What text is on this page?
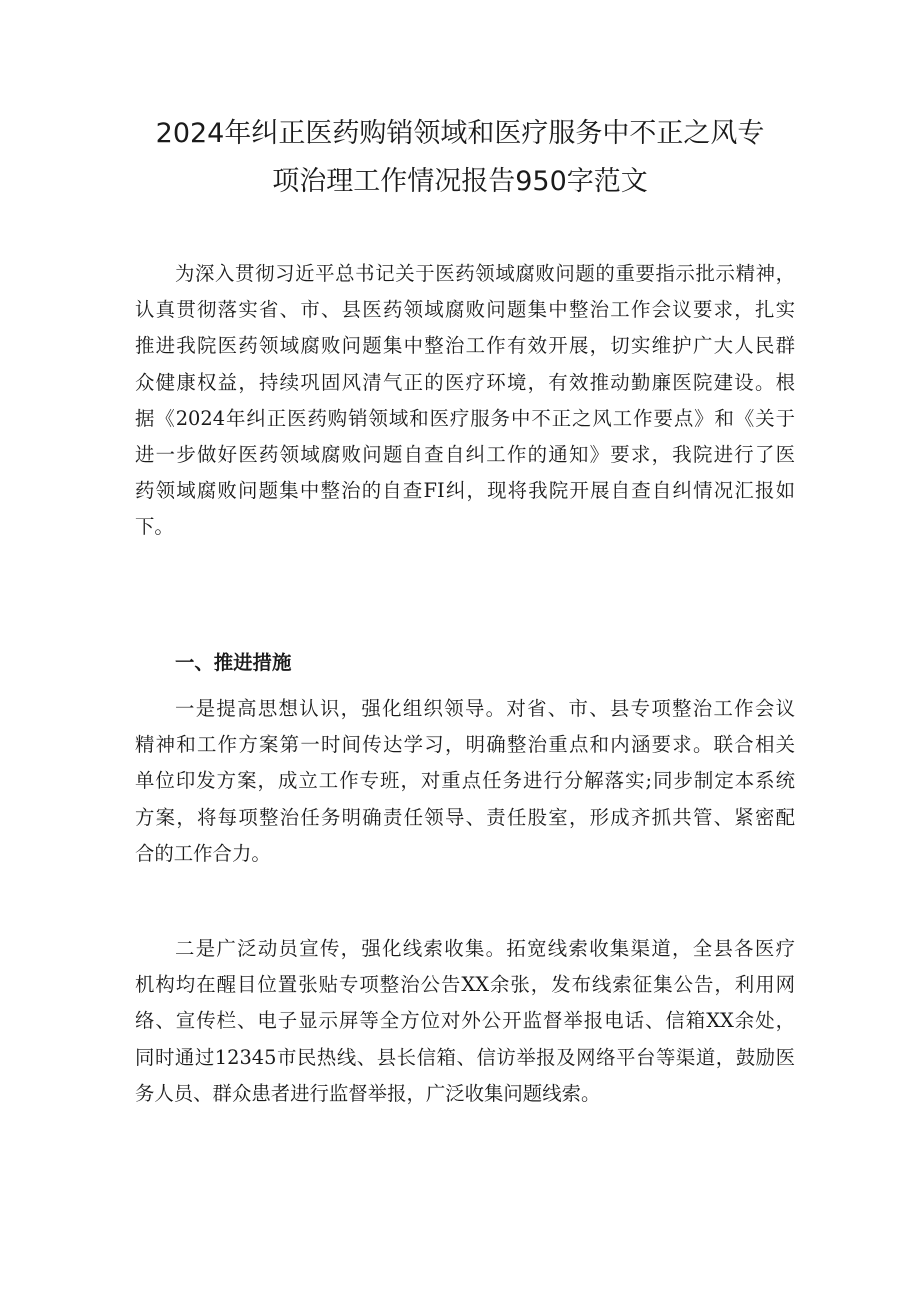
2024年纠正医药购销领域和医疗服务中不正之风专
项治理工作情况报告950字范文
为深入贯彻习近平总书记关于医药领域腐败问题的重要指示批示精神，
认真贯彻落实省、市、县医药领域腐败问题集中整治工作会议要求，扎实
推进我院医药领域腐败问题集中整治工作有效开展，切实维护广大人民群
众健康权益，持续巩固风清气正的医疗环境，有效推动勤廉医院建设。根
据《2024年纠正医药购销领域和医疗服务中不正之风工作要点》和《关于
进一步做好医药领域腐败问题自查自纠工作的通知》要求，我院进行了医
药领域腐败问题集中整治的自查FI纠，现将我院开展自查自纠情况汇报如
下。
一、推进措施
一是提高思想认识，强化组织领导。对省、市、县专项整治工作会议
精神和工作方案第一时间传达学习，明确整治重点和内涵要求。联合相关
单位印发方案，成立工作专班，对重点任务进行分解落实;同步制定本系统
方案，将每项整治任务明确责任领导、责任股室，形成齐抓共管、紧密配
合的工作合力。
二是广泛动员宣传，强化线索收集。拓宽线索收集渠道，全县各医疗
机构均在醒目位置张贴专项整治公告XX余张，发布线索征集公告，利用网
络、宣传栏、电子显示屏等全方位对外公开监督举报电话、信箱XX余处，
同时通过12345市民热线、县长信箱、信访举报及网络平台等渠道，鼓励医
务人员、群众患者进行监督举报，广泛收集问题线索。
